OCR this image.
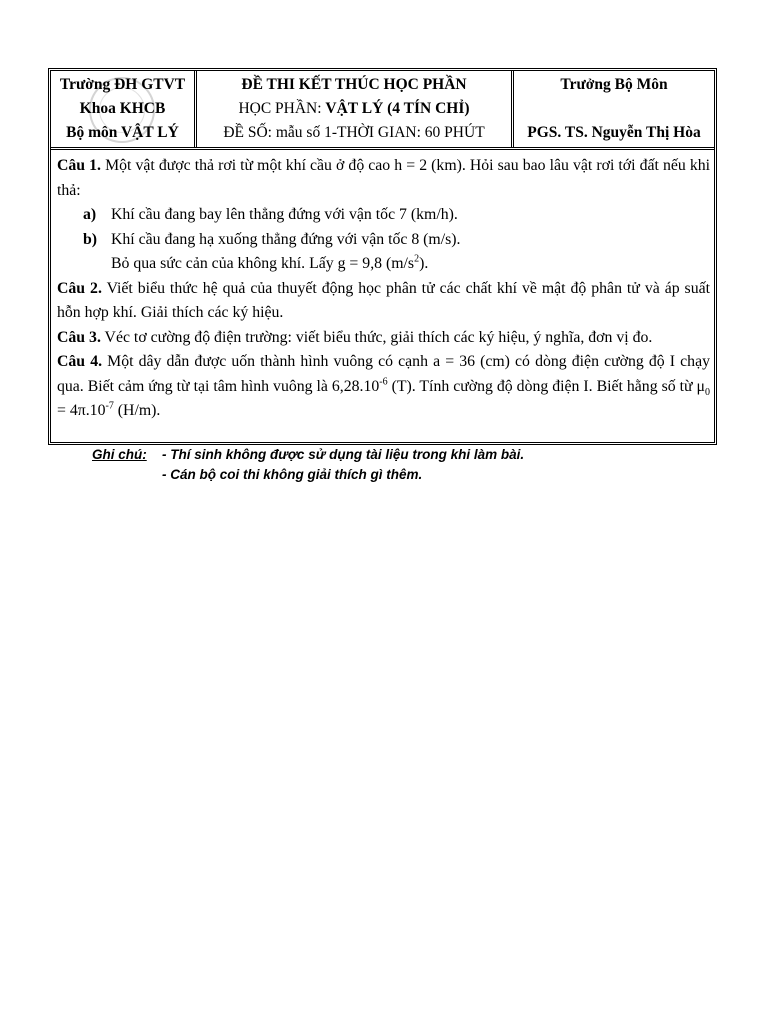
Trường ĐH GTVT
Khoa KHCB
Bộ môn VẬT LÝ
ĐỀ THI KẾT THÚC HỌC PHẦN
HỌC PHẦN: VẬT LÝ (4 TÍN CHỈ)
ĐỀ SỐ: mẫu số 1-THỜI GIAN: 60 PHÚT
Trưởng Bộ Môn
PGS. TS. Nguyễn Thị Hòa

Câu 1. Một vật được thả rơi từ một khí cầu ở độ cao h = 2 (km). Hỏi sau bao lâu vật rơi tới đất nếu khi thả:

a) Khí cầu đang bay lên thẳng đứng với vận tốc 7 (km/h).

b) Khí cầu đang hạ xuống thẳng đứng với vận tốc 8 (m/s).

Bỏ qua sức cản của không khí. Lấy g = 9,8 $(m/s^2)$.

Câu 2. Viết biểu thức hệ quả của thuyết động học phân tử các chất khí về mật độ phân tử và áp suất hỗn hợp khí. Giải thích các ký hiệu.

Câu 3. Véc tơ cường độ điện trường: viết biểu thức, giải thích các ký hiệu, ý nghĩa, đơn vị đo.

Câu 4. Một dây dẫn được uốn thành hình vuông có cạnh a = 36 (cm) có dòng điện cường độ I chạy qua. Biết cảm ứng từ tại tâm hình vuông là $6,28.10^{-6}$ (T). Tính cường độ dòng điện I. Biết hằng số từ $\mu_0 = 4\pi.10^{-7}$ (H/m).

Ghi chú: - Thí sinh không được sử dụng tài liệu trong khi làm bài.
- Cán bộ coi thi không giải thích gì thêm.
